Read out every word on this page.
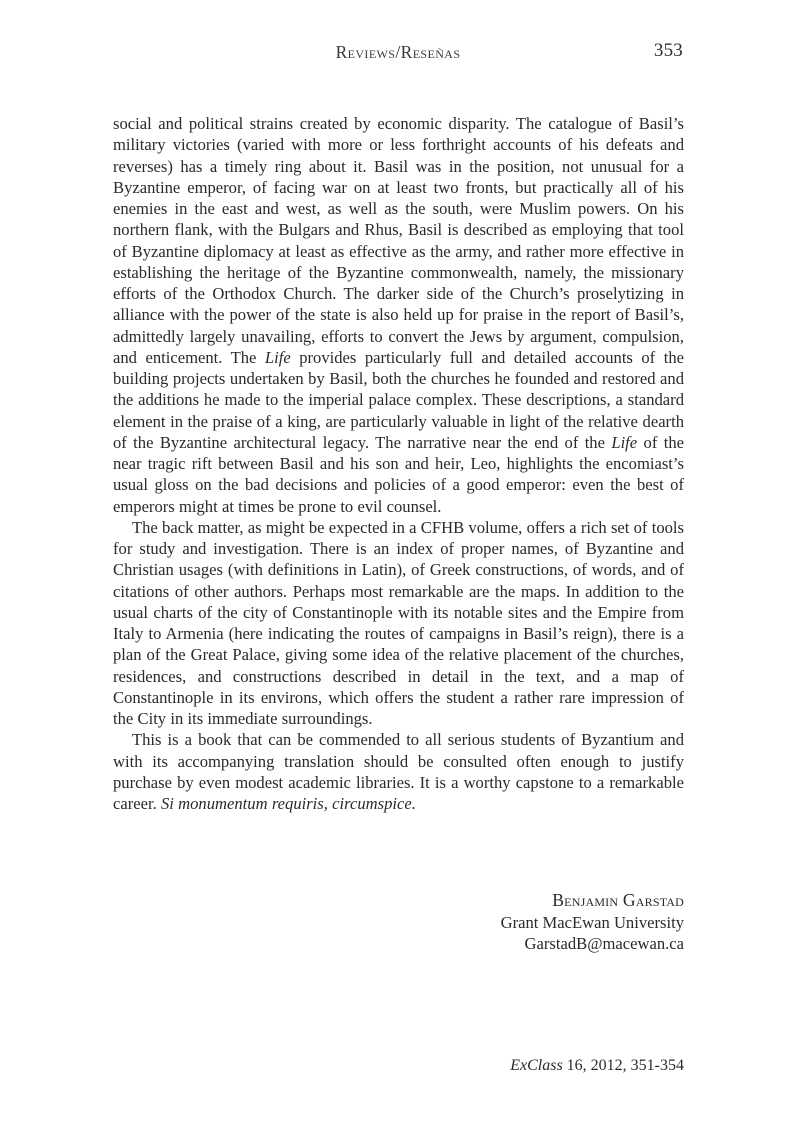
Reviews/Reseñas	353

social and political strains created by economic disparity. The catalogue of Basil’s military victories (varied with more or less forthright accounts of his defeats and reverses) has a timely ring about it. Basil was in the position, not unusual for a Byzantine emperor, of facing war on at least two fronts, but practically all of his enemies in the east and west, as well as the south, were Muslim powers. On his northern flank, with the Bulgars and Rhus, Basil is described as employing that tool of Byzantine diplomacy at least as effective as the army, and rather more effective in establishing the heritage of the Byzantine commonwealth, namely, the missionary efforts of the Orthodox Church. The darker side of the Church’s proselytizing in alliance with the power of the state is also held up for praise in the report of Basil’s, admittedly largely unavailing, efforts to convert the Jews by argument, compulsion, and enticement. The Life provides particularly full and detailed accounts of the building projects undertaken by Basil, both the churches he founded and restored and the additions he made to the imperial palace complex. These descriptions, a standard element in the praise of a king, are particularly valuable in light of the relative dearth of the Byzantine architectural legacy. The narrative near the end of the Life of the near tragic rift between Basil and his son and heir, Leo, highlights the encomiast’s usual gloss on the bad decisions and policies of a good emperor: even the best of emperors might at times be prone to evil counsel.

The back matter, as might be expected in a CFHB volume, offers a rich set of tools for study and investigation. There is an index of proper names, of Byzantine and Christian usages (with definitions in Latin), of Greek constructions, of words, and of citations of other authors. Perhaps most remarkable are the maps. In addition to the usual charts of the city of Constantinople with its notable sites and the Empire from Italy to Armenia (here indicating the routes of campaigns in Basil’s reign), there is a plan of the Great Palace, giving some idea of the relative placement of the churches, residences, and constructions described in detail in the text, and a map of Constantinople in its environs, which offers the student a rather rare impression of the City in its immediate surroundings.

This is a book that can be commended to all serious students of Byzantium and with its accompanying translation should be consulted often enough to justify purchase by even modest academic libraries. It is a worthy capstone to a remarkable career. Si monumentum requiris, circumspice.

Benjamin Garstad
Grant MacEwan University
GarstadB@macewan.ca
ExClass 16, 2012, 351-354
